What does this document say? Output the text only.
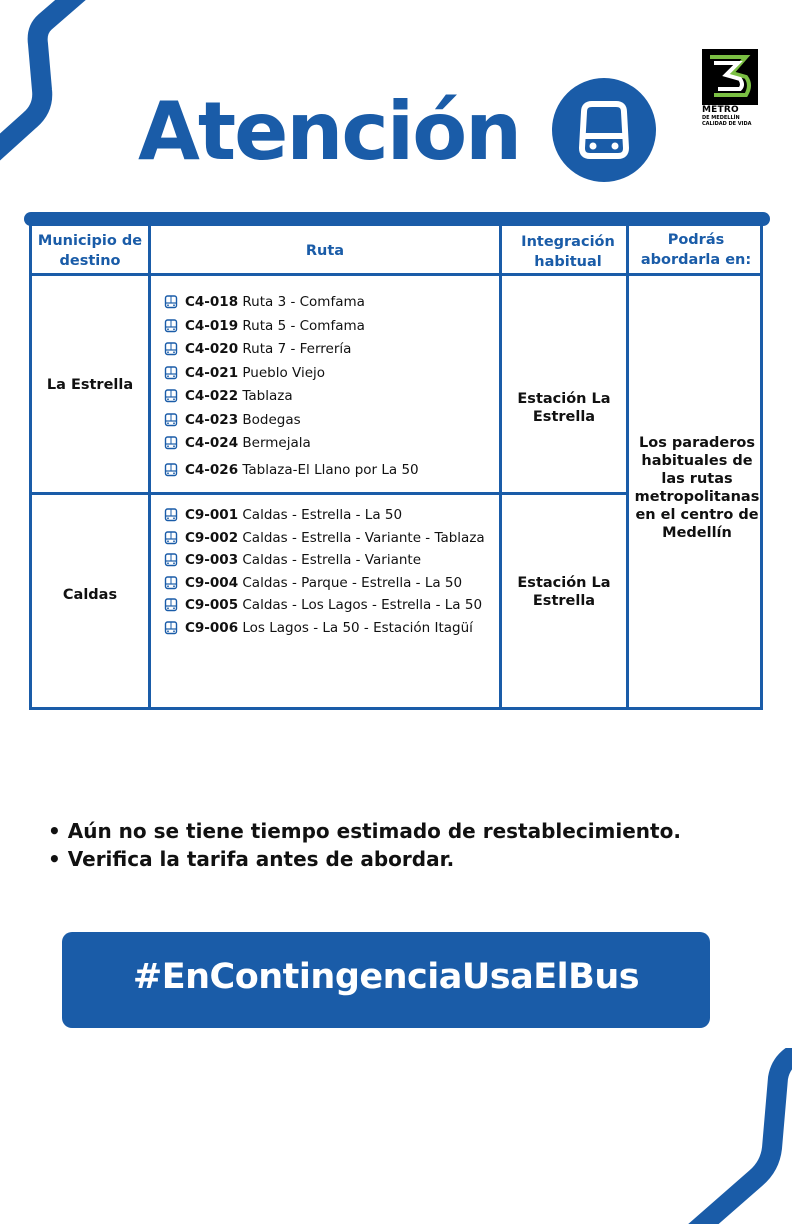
Atención	METRO
DE MEDELLÍN
CALIDAD DE VIDA
Municipio de destino
Ruta
Integración habitual
Podrás abordarla en:
La Estrella
C4-018 Ruta 3 - Comfama
C4-019 Ruta 5 - Comfama
C4-020 Ruta 7 - Ferrería
C4-021 Pueblo Viejo
C4-022 Tablaza
C4-023 Bodegas
C4-024 Bermejala
C4-026 Tablaza-El Llano por La 50
Estación La Estrella
Caldas
C9-001 Caldas - Estrella - La 50
C9-002 Caldas - Estrella - Variante - Tablaza
C9-003 Caldas - Estrella - Variante
C9-004 Caldas - Parque - Estrella - La 50
C9-005 Caldas - Los Lagos - Estrella - La 50
C9-006 Los Lagos - La 50 - Estación Itagüí
Estación La Estrella
Los paraderos habituales de las rutas metropolitanas en el centro de Medellín
• Aún no se tiene tiempo estimado de restablecimiento.
• Verifica la tarifa antes de abordar.
#EnContingenciaUsaElBus
